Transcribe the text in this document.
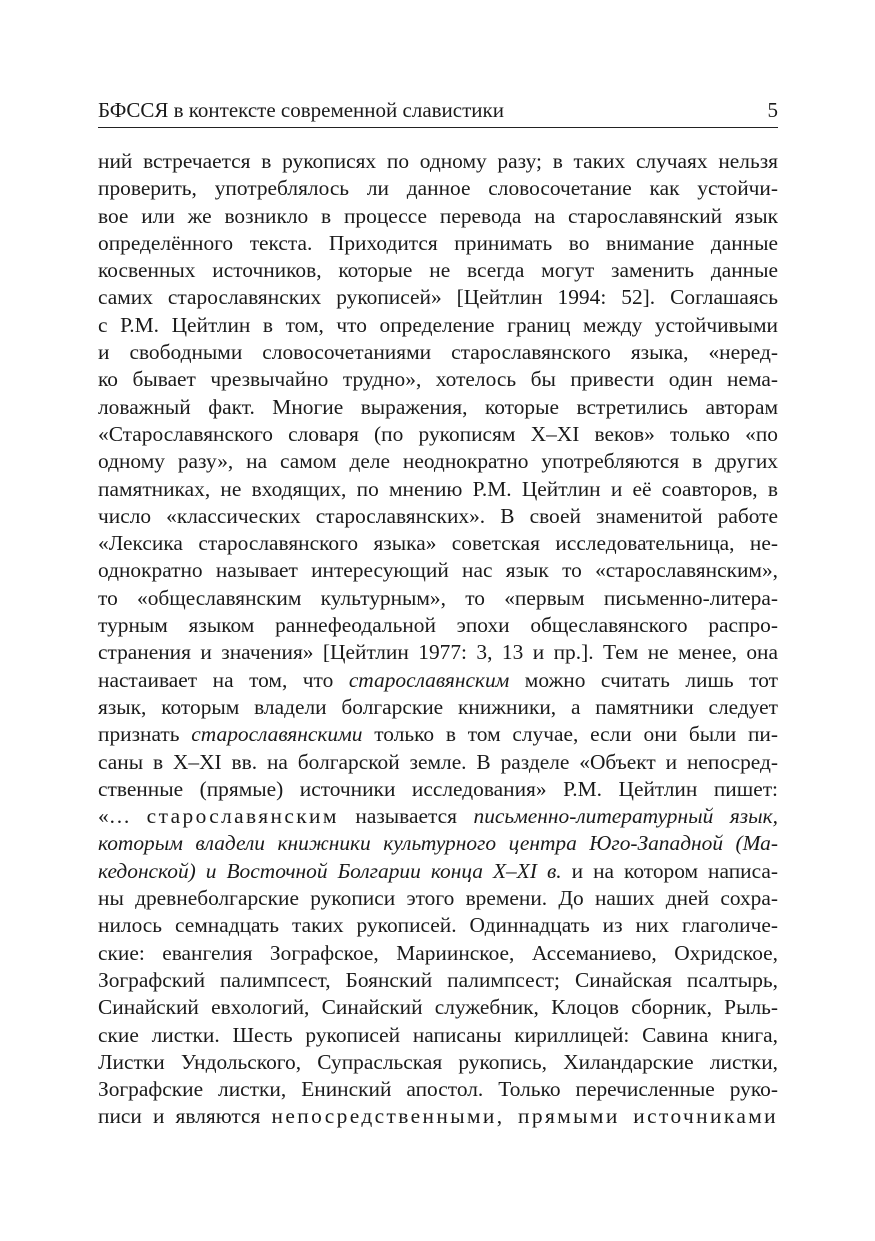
БФССЯ в контексте современной славистики	5
ний встречается в рукописях по одному разу; в таких случаях нельзя
проверить, употреблялось ли данное словосочетание как устойчи-
вое или же возникло в процессе перевода на старославянский язык
определённого текста. Приходится принимать во внимание данные
косвенных источников, которые не всегда могут заменить данные
самих старославянских рукописей» [Цейтлин 1994: 52]. Соглашаясь
с Р.М. Цейтлин в том, что определение границ между устойчивыми
и свободными словосочетаниями старославянского языка, «неред-
ко бывает чрезвычайно трудно», хотелось бы привести один нема-
ловажный факт. Многие выражения, которые встретились авторам
«Старославянского словаря (по рукописям X–XI веков» только «по
одному разу», на самом деле неоднократно употребляются в других
памятниках, не входящих, по мнению Р.М. Цейтлин и её соавторов, в
число «классических старославянских». В своей знаменитой работе
«Лексика старославянского языка» советская исследовательница, не-
однократно называет интересующий нас язык то «старославянским»,
то «общеславянским культурным», то «первым письменно-литера-
турным языком раннефеодальной эпохи общеславянского распро-
странения и значения» [Цейтлин 1977: 3, 13 и пр.]. Тем не менее, она
настаивает на том, что старославянским можно считать лишь тот
язык, которым владели болгарские книжники, а памятники следует
признать старославянскими только в том случае, если они были пи-
саны в X–XI вв. на болгарской земле. В разделе «Объект и непосред-
ственные (прямые) источники исследования» Р.М. Цейтлин пишет:
«… старославянским называется письменно-литературный язык,
которым владели книжники культурного центра Юго-Западной (Ма-
кедонской) и Восточной Болгарии конца X–XI в. и на котором написа-
ны древнеболгарские рукописи этого времени. До наших дней сохра-
нилось семнадцать таких рукописей. Одиннадцать из них глаголиче-
ские: евангелия Зографское, Мариинское, Ассеманиево, Охридское,
Зографский палимпсест, Боянский палимпсест; Синайская псалтырь,
Синайский евхологий, Синайский служебник, Клоцов сборник, Рыль-
ские листки. Шесть рукописей написаны кириллицей: Савина книга,
Листки Ундольского, Супрасльская рукопись, Хиландарские листки,
Зографские листки, Енинский апостол. Только перечисленные руко-
писи и являются непосредственными, прямыми источниками
